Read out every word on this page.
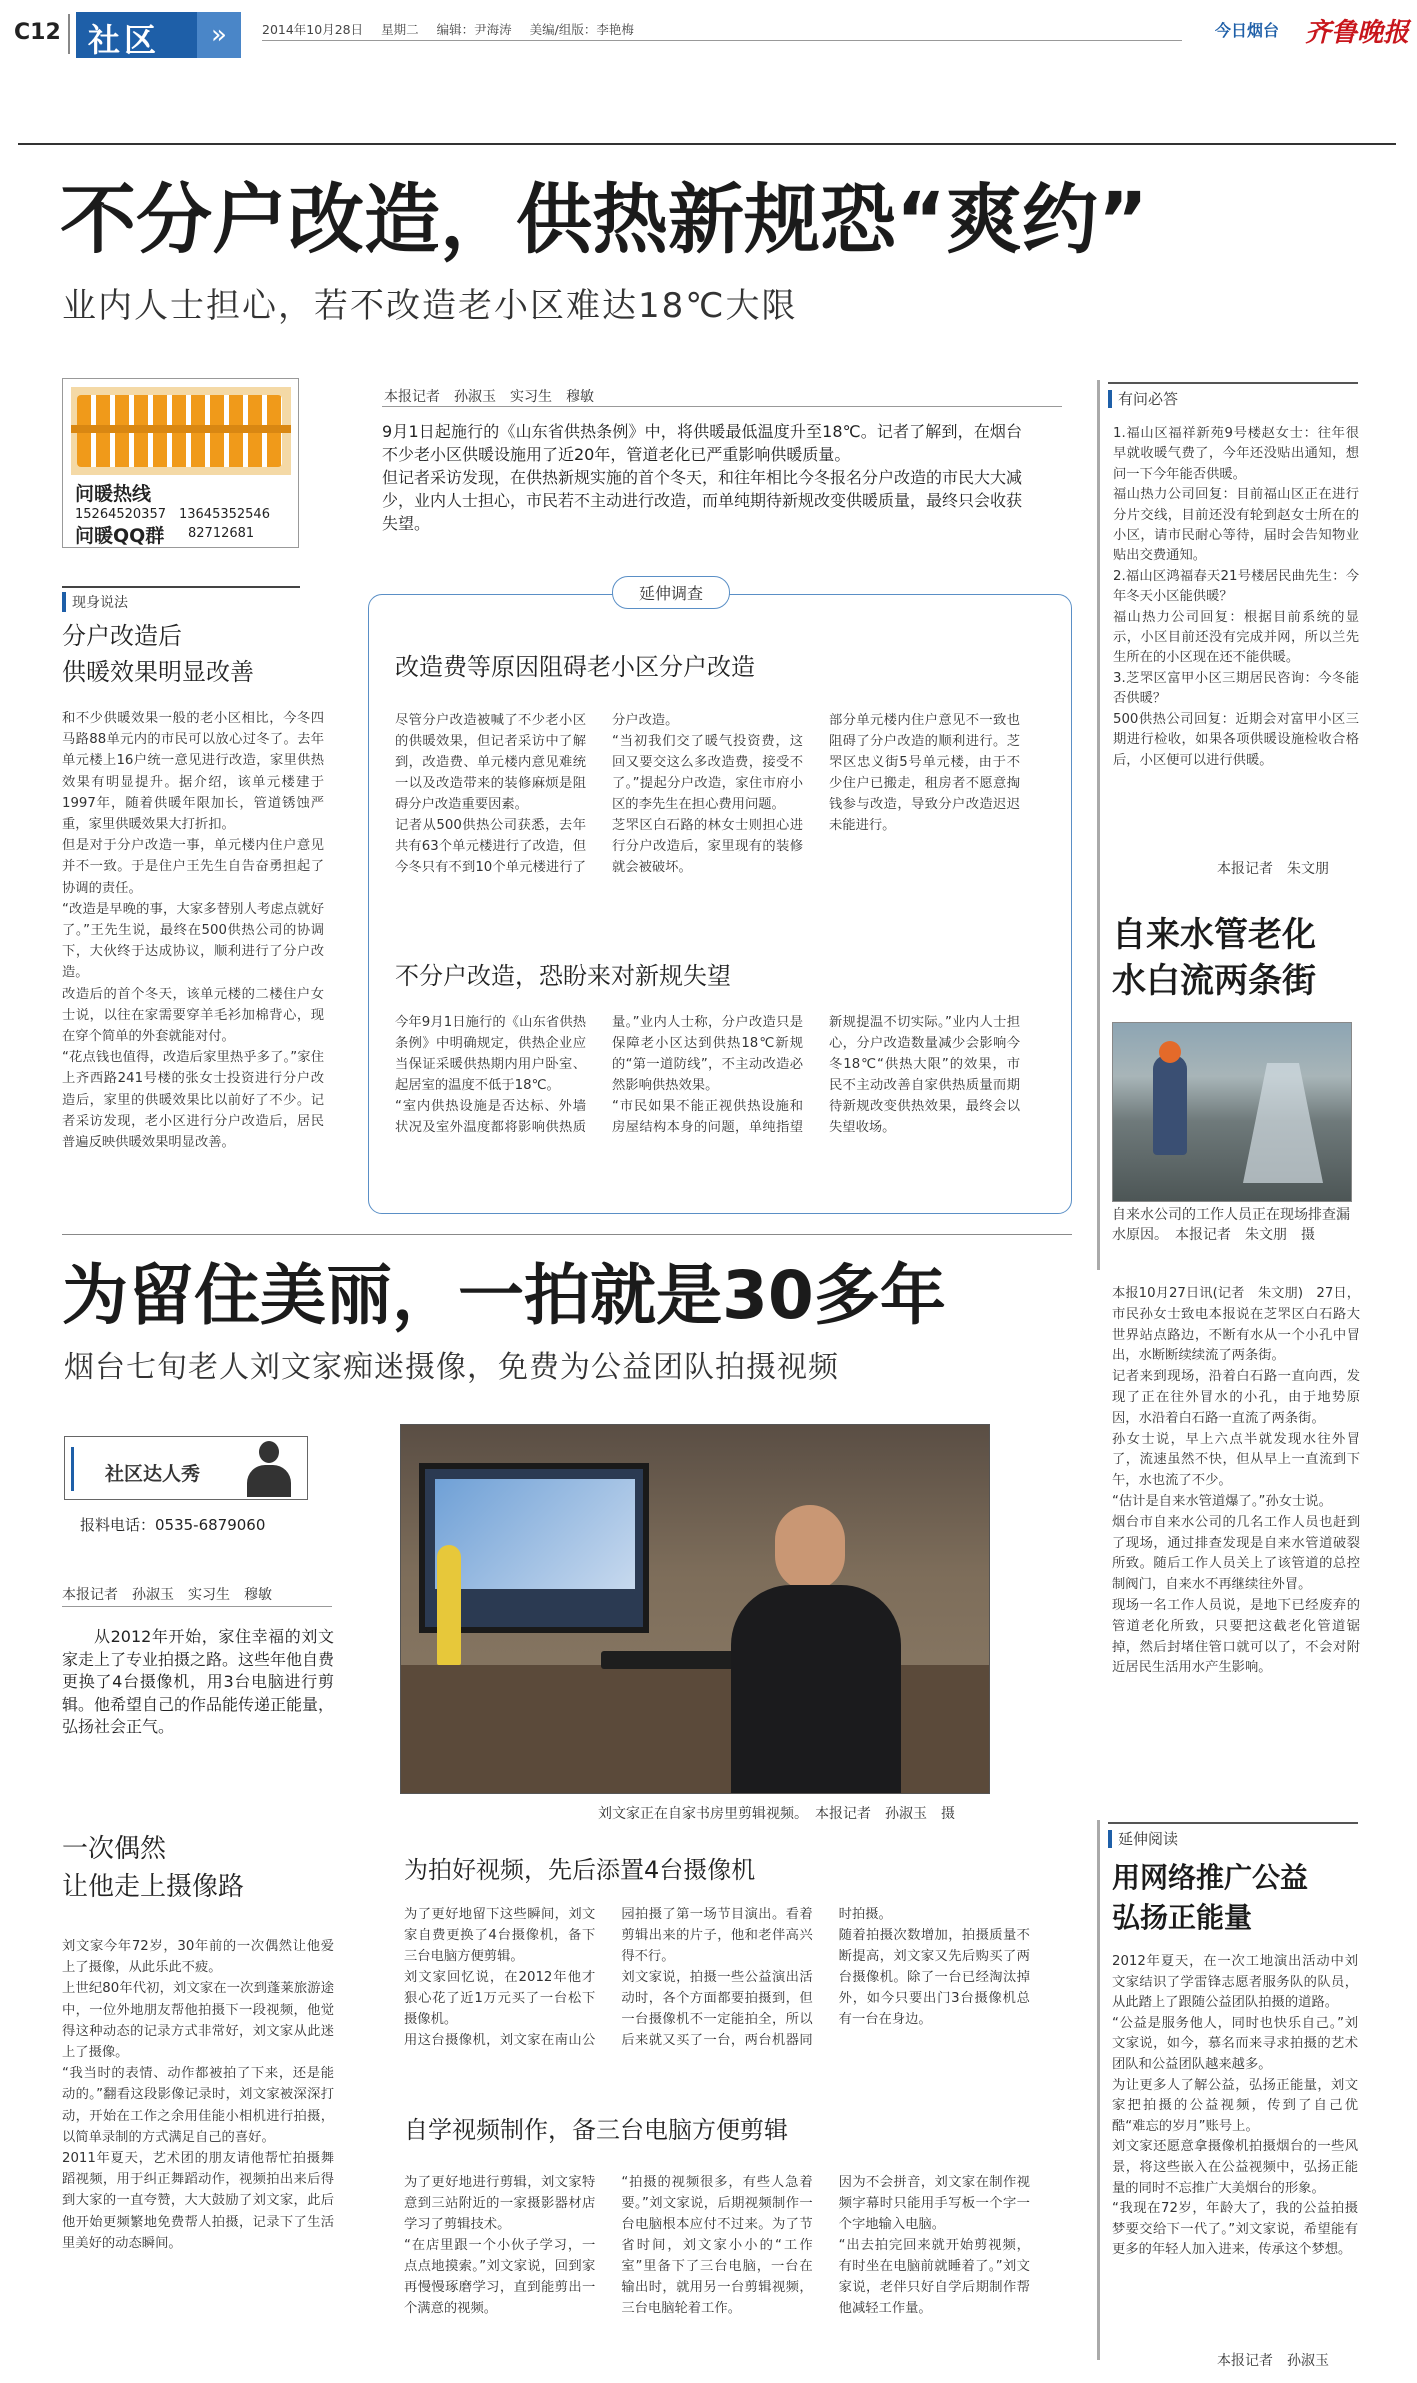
C12 社区	»	2014年10月28日 星期二 编辑：尹海涛 美编/组版：李艳梅	今日烟台 齐鲁晚报
不分户改造，供热新规恐“爽约”
业内人士担心，若不改造老小区难达18℃大限
问暖热线
15264520357　13645352546
问暖QQ群 82712681
本报记者　孙淑玉　实习生　穆敏
9月1日起施行的《山东省供热条例》中，将供暖最低温度升至18℃。记者了解到，在烟台不少老小区供暖设施用了近20年，管道老化已严重影响供暖质量。
但记者采访发现，在供热新规实施的首个冬天，和往年相比今冬报名分户改造的市民大大减少，业内人士担心，市民若不主动进行改造，而单纯期待新规改变供暖质量，最终只会收获失望。
现身说法
分户改造后
供暖效果明显改善
和不少供暖效果一般的老小区相比，今冬四马路88单元内的市民可以放心过冬了。去年单元楼上16户统一意见进行改造，家里供热效果有明显提升。据介绍，该单元楼建于1997年，随着供暖年限加长，管道锈蚀严重，家里供暖效果大打折扣。
但是对于分户改造一事，单元楼内住户意见并不一致。于是住户王先生自告奋勇担起了协调的责任。
“改造是早晚的事，大家多替别人考虑点就好了。”王先生说，最终在500供热公司的协调下，大伙终于达成协议，顺利进行了分户改造。
改造后的首个冬天，该单元楼的二楼住户女士说，以往在家需要穿羊毛衫加棉背心，现在穿个简单的外套就能对付。
“花点钱也值得，改造后家里热乎多了。”家住上齐西路241号楼的张女士投资进行分户改造后，家里的供暖效果比以前好了不少。记者采访发现，老小区进行分户改造后，居民普遍反映供暖效果明显改善。
延伸调查
改造费等原因阻碍老小区分户改造
尽管分户改造被喊了不少老小区的供暖效果，但记者采访中了解到，改造费、单元楼内意见难统一以及改造带来的装修麻烦是阻碍分户改造重要因素。
记者从500供热公司获悉，去年共有63个单元楼进行了改造，但今冬只有不到10个单元楼进行了分户改造。
“当初我们交了暖气投资费，这回又要交这么多改造费，接受不了。”提起分户改造，家住市府小区的李先生在担心费用问题。
芝罘区白石路的林女士则担心进行分户改造后，家里现有的装修就会被破坏。
部分单元楼内住户意见不一致也阻碍了分户改造的顺利进行。芝罘区忠义街5号单元楼，由于不少住户已搬走，租房者不愿意掏钱参与改造，导致分户改造迟迟未能进行。
不分户改造，恐盼来对新规失望
今年9月1日施行的《山东省供热条例》中明确规定，供热企业应当保证采暖供热期内用户卧室、起居室的温度不低于18℃。
“室内供热设施是否达标、外墙状况及室外温度都将影响供热质量。”业内人士称，分户改造只是保障老小区达到供热18℃新规的“第一道防线”，不主动改造必然影响供热效果。
“市民如果不能正视供热设施和房屋结构本身的问题，单纯指望新规提温不切实际。”业内人士担心，分户改造数量减少会影响今冬18℃“供热大限”的效果，市民不主动改善自家供热质量而期待新规改变供热效果，最终会以失望收场。
有问必答
1.福山区福祥新苑9号楼赵女士：往年很早就收暖气费了，今年还没贴出通知，想问一下今年能否供暖。
福山热力公司回复：目前福山区正在进行分片交线，目前还没有轮到赵女士所在的小区，请市民耐心等待，届时会告知物业贴出交费通知。
2.福山区鸿福春天21号楼居民曲先生：今年冬天小区能供暖？
福山热力公司回复：根据目前系统的显示，小区目前还没有完成并网，所以兰先生所在的小区现在还不能供暖。
3.芝罘区富甲小区三期居民咨询：今冬能否供暖？
500供热公司回复：近期会对富甲小区三期进行检收，如果各项供暖设施检收合格后，小区便可以进行供暖。
本报记者　朱文朋
自来水管老化
水白流两条街
自来水公司的工作人员正在现场排查漏水原因。　本报记者　朱文朋　摄
本报10月27日讯(记者　朱文朋)　27日，市民孙女士致电本报说在芝罘区白石路大世界站点路边，不断有水从一个小孔中冒出，水断断续续流了两条街。
记者来到现场，沿着白石路一直向西，发现了正在往外冒水的小孔，由于地势原因，水沿着白石路一直流了两条街。
孙女士说，早上六点半就发现水往外冒了，流速虽然不快，但从早上一直流到下午，水也流了不少。
“估计是自来水管道爆了。”孙女士说。
烟台市自来水公司的几名工作人员也赶到了现场，通过排查发现是自来水管道破裂所致。随后工作人员关上了该管道的总控制阀门，自来水不再继续往外冒。
现场一名工作人员说，是地下已经废弃的管道老化所致，只要把这截老化管道锯掉，然后封堵住管口就可以了，不会对附近居民生活用水产生影响。
为留住美丽，一拍就是30多年
烟台七旬老人刘文家痴迷摄像，免费为公益团队拍摄视频
社区达人秀
报料电话：0535-6879060
本报记者　孙淑玉　实习生　穆敏
从2012年开始，家住幸福的刘文家走上了专业拍摄之路。这些年他自费更换了4台摄像机，用3台电脑进行剪辑。他希望自己的作品能传递正能量，弘扬社会正气。
刘文家正在自家书房里剪辑视频。　本报记者　孙淑玉　摄
一次偶然
让他走上摄像路
刘文家今年72岁，30年前的一次偶然让他爱上了摄像，从此乐此不疲。
上世纪80年代初，刘文家在一次到蓬莱旅游途中，一位外地朋友帮他拍摄下一段视频，他觉得这种动态的记录方式非常好，刘文家从此迷上了摄像。
“我当时的表情、动作都被拍了下来，还是能动的。”翻看这段影像记录时，刘文家被深深打动，开始在工作之余用佳能小相机进行拍摄，以简单录制的方式满足自己的喜好。
2011年夏天，艺术团的朋友请他帮忙拍摄舞蹈视频，用于纠正舞蹈动作，视频拍出来后得到大家的一直夸赞，大大鼓励了刘文家，此后他开始更频繁地免费帮人拍摄，记录下了生活里美好的动态瞬间。
为拍好视频，先后添置4台摄像机
为了更好地留下这些瞬间，刘文家自费更换了4台摄像机，备下三台电脑方便剪辑。
刘文家回忆说，在2012年他才狠心花了近1万元买了一台松下摄像机。
用这台摄像机，刘文家在南山公园拍摄了第一场节目演出。看着剪辑出来的片子，他和老伴高兴得不行。
刘文家说，拍摄一些公益演出活动时，各个方面都要拍摄到，但一台摄像机不一定能拍全，所以后来就又买了一台，两台机器同时拍摄。
随着拍摄次数增加，拍摄质量不断提高，刘文家又先后购买了两台摄像机。除了一台已经淘汰掉外，如今只要出门3台摄像机总有一台在身边。
自学视频制作，备三台电脑方便剪辑
为了更好地进行剪辑，刘文家特意到三站附近的一家摄影器材店学习了剪辑技术。
“在店里跟一个小伙子学习，一点点地摸索。”刘文家说，回到家再慢慢琢磨学习，直到能剪出一个满意的视频。
“拍摄的视频很多，有些人急着要。”刘文家说，后期视频制作一台电脑根本应付不过来。为了节省时间，刘文家小小的“工作室”里备下了三台电脑，一台在输出时，就用另一台剪辑视频，三台电脑轮着工作。
因为不会拼音，刘文家在制作视频字幕时只能用手写板一个字一个字地输入电脑。
“出去拍完回来就开始剪视频，有时坐在电脑前就睡着了。”刘文家说，老伴只好自学后期制作帮他减轻工作量。
延伸阅读
用网络推广公益
弘扬正能量
2012年夏天，在一次工地演出活动中刘文家结识了学雷锋志愿者服务队的队员，从此踏上了跟随公益团队拍摄的道路。
“公益是服务他人，同时也快乐自己。”刘文家说，如今，慕名而来寻求拍摄的艺术团队和公益团队越来越多。
为让更多人了解公益，弘扬正能量，刘文家把拍摄的公益视频，传到了自己优酷“难忘的岁月”账号上。
刘文家还愿意拿摄像机拍摄烟台的一些风景，将这些嵌入在公益视频中，弘扬正能量的同时不忘推广大美烟台的形象。
“我现在72岁，年龄大了，我的公益拍摄梦要交给下一代了。”刘文家说，希望能有更多的年轻人加入进来，传承这个梦想。
本报记者　孙淑玉
